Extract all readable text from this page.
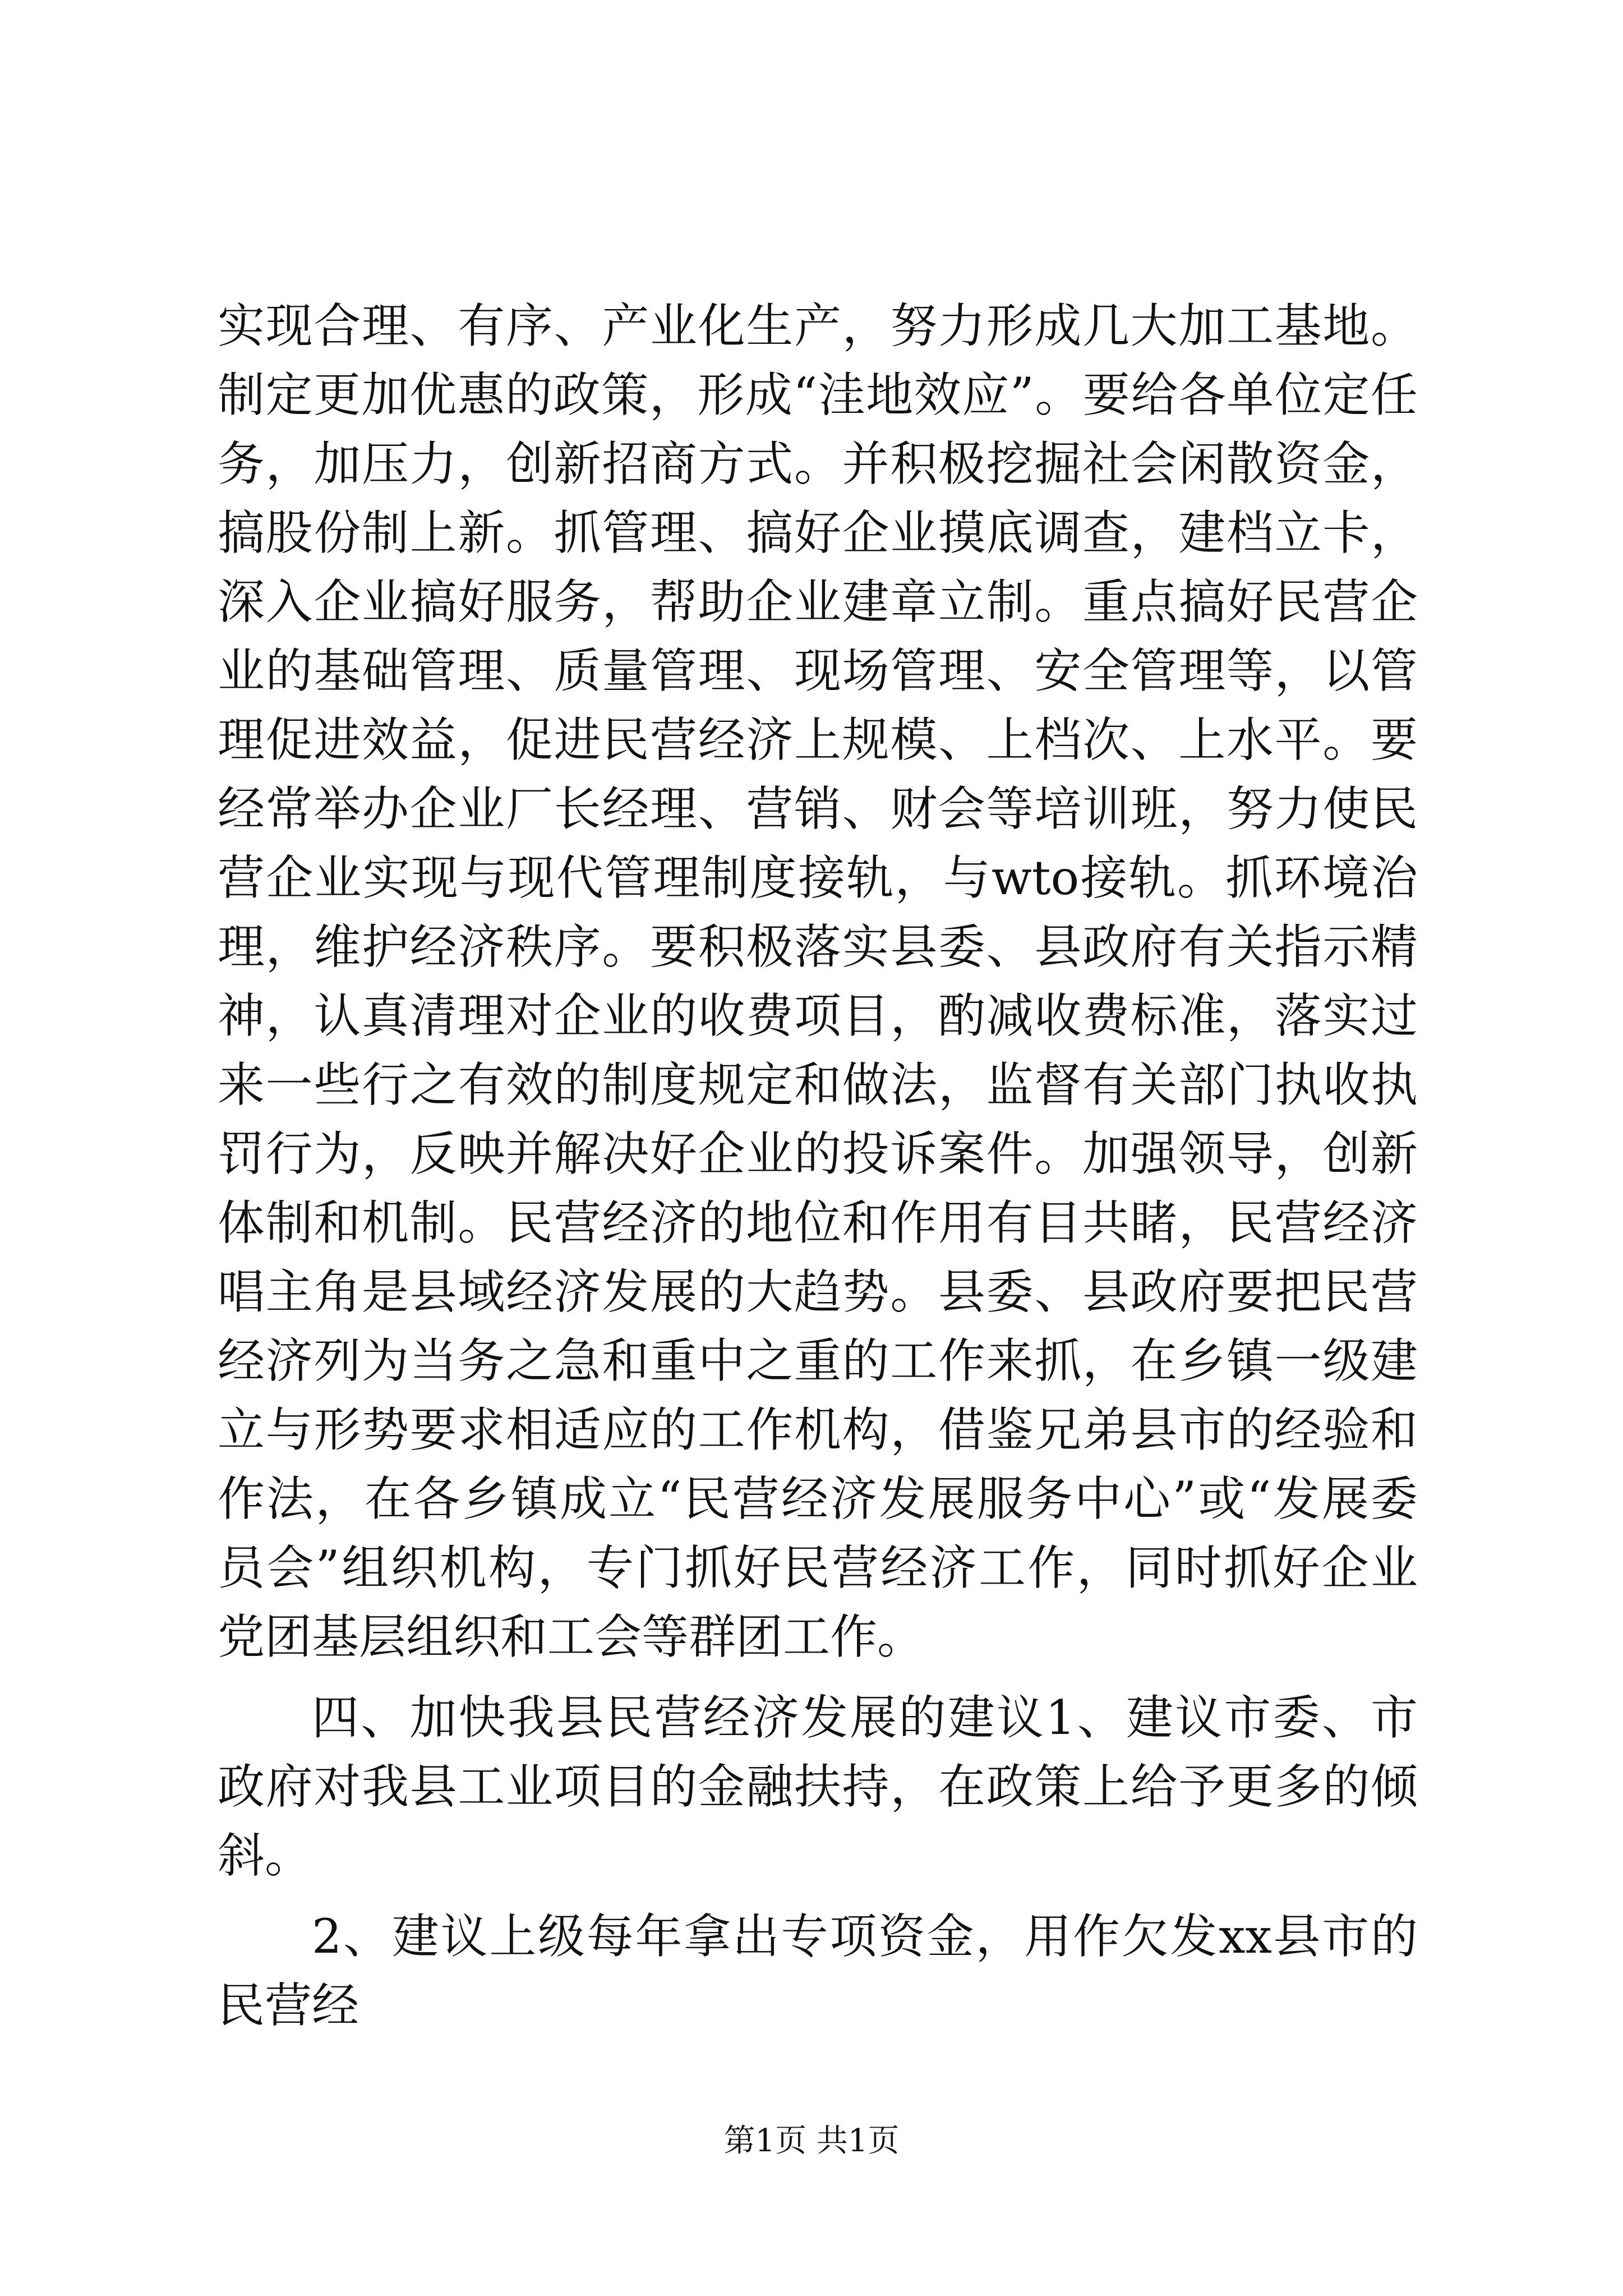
实现合理、有序、产业化生产，努力形成几大加工基地。制定更加优惠的政策，形成“洼地效应”。要给各单位定任务，加压力，创新招商方式。并积极挖掘社会闲散资金，搞股份制上新。抓管理、搞好企业摸底调查，建档立卡，深入企业搞好服务，帮助企业建章立制。重点搞好民营企业的基础管理、质量管理、现场管理、安全管理等，以管理促进效益，促进民营经济上规模、上档次、上水平。要经常举办企业厂长经理、营销、财会等培训班，努力使民营企业实现与现代管理制度接轨，与wto接轨。抓环境治理，维护经济秩序。要积极落实县委、县政府有关指示精神，认真清理对企业的收费项目，酌减收费标准，落实过来一些行之有效的制度规定和做法，监督有关部门执收执罚行为，反映并解决好企业的投诉案件。加强领导，创新体制和机制。民营经济的地位和作用有目共睹，民营经济唱主角是县域经济发展的大趋势。县委、县政府要把民营经济列为当务之急和重中之重的工作来抓，在乡镇一级建立与形势要求相适应的工作机构，借鉴兄弟县市的经验和作法，在各乡镇成立“民营经济发展服务中心”或“发展委员会”组织机构，专门抓好民营经济工作，同时抓好企业党团基层组织和工会等群团工作。

四、加快我县民营经济发展的建议1、建议市委、市政府对我县工业项目的金融扶持，在政策上给予更多的倾斜。

2、建议上级每年拿出专项资金，用作欠发xx县市的民营经

第1页 共1页
